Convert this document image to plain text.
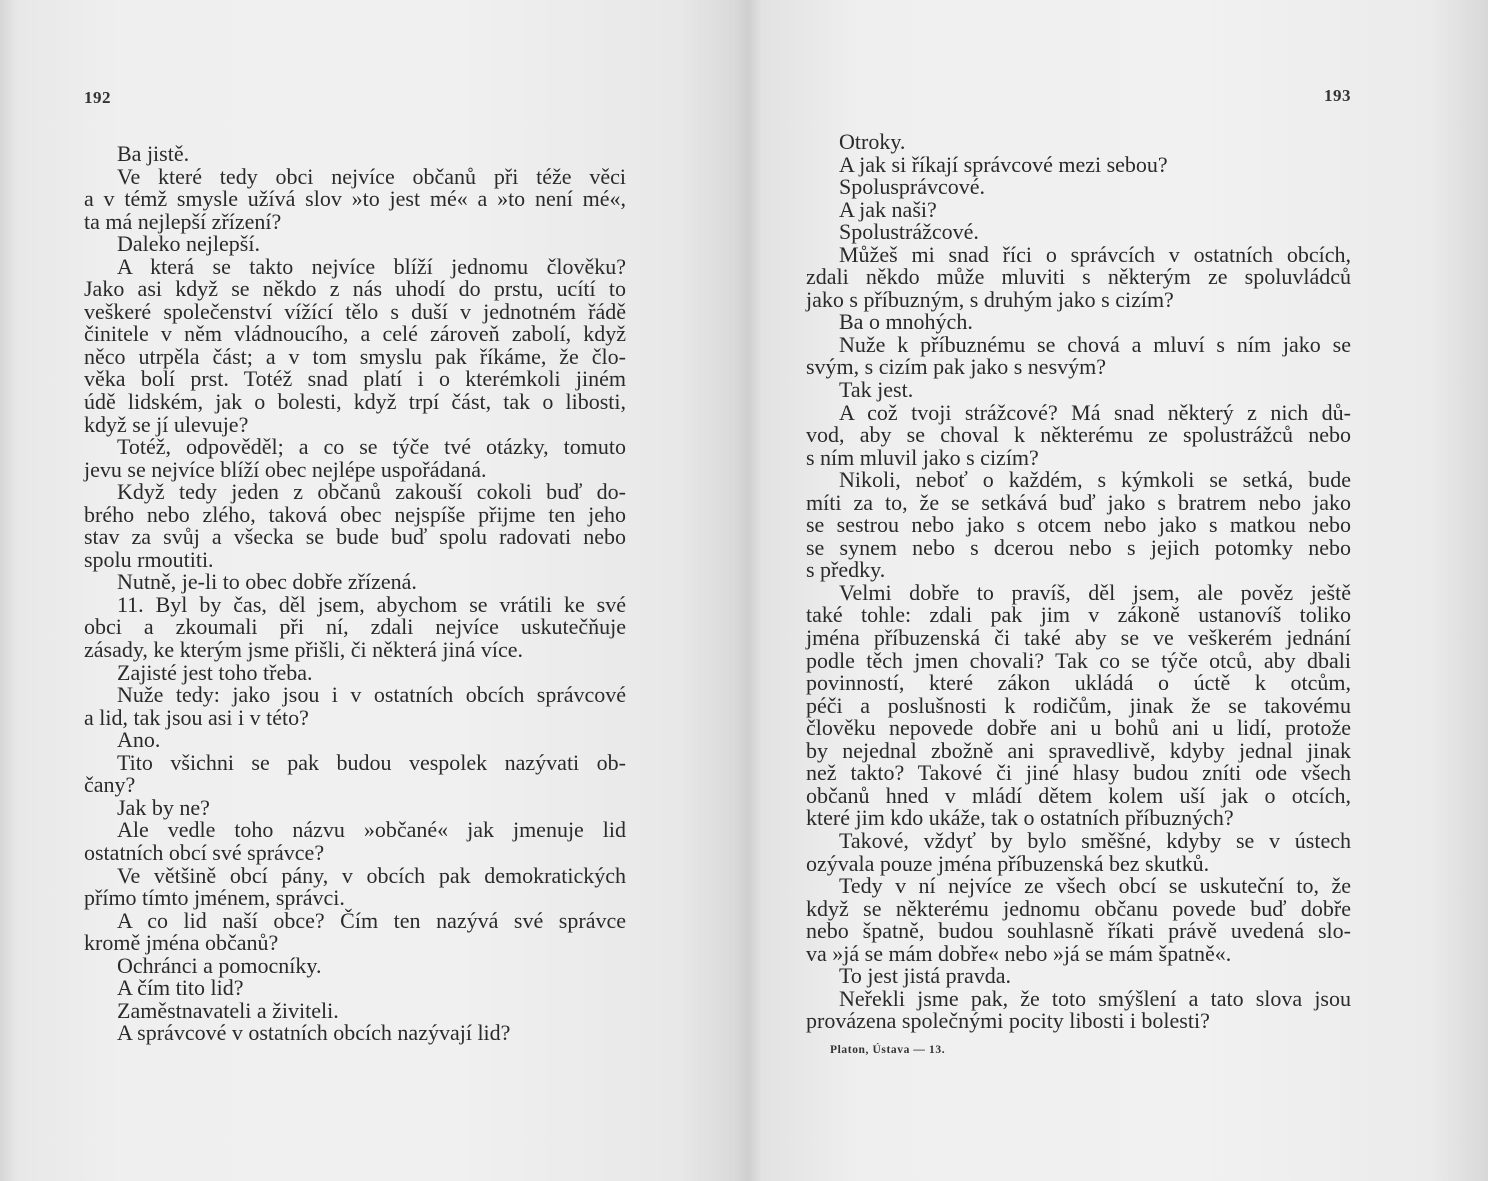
192
Ba jistě.
Ve které tedy obci nejvíce občanů při téže věci
a v témž smysle užívá slov »to jest mé« a »to není mé«,
ta má nejlepší zřízení?
Daleko nejlepší.
A která se takto nejvíce blíží jednomu člověku?
Jako asi když se někdo z nás uhodí do prstu, ucítí to
veškeré společenství vížící tělo s duší v jednotném řádě
činitele v něm vládnoucího, a celé zároveň zabolí, když
něco utrpěla část; a v tom smyslu pak říkáme, že člo-
věka bolí prst. Totéž snad platí i o kterémkoli jiném
údě lidském, jak o bolesti, když trpí část, tak o libosti,
když se jí ulevuje?
Totéž, odpověděl; a co se týče tvé otázky, tomuto
jevu se nejvíce blíží obec nejlépe uspořádaná.
Když tedy jeden z občanů zakouší cokoli buď do-
brého nebo zlého, taková obec nejspíše přijme ten jeho
stav za svůj a všecka se bude buď spolu radovati nebo
spolu rmoutiti.
Nutně, je-li to obec dobře zřízená.
11. Byl by čas, děl jsem, abychom se vrátili ke své
obci a zkoumali při ní, zdali nejvíce uskutečňuje
zásady, ke kterým jsme přišli, či některá jiná více.
Zajisté jest toho třeba.
Nuže tedy: jako jsou i v ostatních obcích správcové
a lid, tak jsou asi i v této?
Ano.
Tito všichni se pak budou vespolek nazývati ob-
čany?
Jak by ne?
Ale vedle toho názvu »občané« jak jmenuje lid
ostatních obcí své správce?
Ve většině obcí pány, v obcích pak demokratických
přímo tímto jménem, správci.
A co lid naší obce? Čím ten nazývá své správce
kromě jména občanů?
Ochránci a pomocníky.
A čím tito lid?
Zaměstnavateli a živiteli.
A správcové v ostatních obcích nazývají lid?
193
Otroky.
A jak si říkají správcové mezi sebou?
Spolusprávcové.
A jak naši?
Spolustrážcové.
Můžeš mi snad říci o správcích v ostatních obcích,
zdali někdo může mluviti s některým ze spoluvládců
jako s příbuzným, s druhým jako s cizím?
Ba o mnohých.
Nuže k příbuznému se chová a mluví s ním jako se
svým, s cizím pak jako s nesvým?
Tak jest.
A což tvoji strážcové? Má snad některý z nich dů-
vod, aby se choval k některému ze spolustrážců nebo
s ním mluvil jako s cizím?
Nikoli, neboť o každém, s kýmkoli se setká, bude
míti za to, že se setkává buď jako s bratrem nebo jako
se sestrou nebo jako s otcem nebo jako s matkou nebo
se synem nebo s dcerou nebo s jejich potomky nebo
s předky.
Velmi dobře to pravíš, děl jsem, ale pověz ještě
také tohle: zdali pak jim v zákoně ustanovíš toliko
jména příbuzenská či také aby se ve veškerém jednání
podle těch jmen chovali? Tak co se týče otců, aby dbali
povinností, které zákon ukládá o úctě k otcům,
péči a poslušnosti k rodičům, jinak že se takovému
člověku nepovede dobře ani u bohů ani u lidí, protože
by nejednal zbožně ani spravedlivě, kdyby jednal jinak
než takto? Takové či jiné hlasy budou zníti ode všech
občanů hned v mládí dětem kolem uší jak o otcích,
které jim kdo ukáže, tak o ostatních příbuzných?
Takové, vždyť by bylo směšné, kdyby se v ústech
ozývala pouze jména příbuzenská bez skutků.
Tedy v ní nejvíce ze všech obcí se uskuteční to, že
když se některému jednomu občanu povede buď dobře
nebo špatně, budou souhlasně říkati právě uvedená slo-
va »já se mám dobře« nebo »já se mám špatně«.
To jest jistá pravda.
Neřekli jsme pak, že toto smýšlení a tato slova jsou
provázena společnými pocity libosti i bolesti?
Platon, Ústava — 13.
